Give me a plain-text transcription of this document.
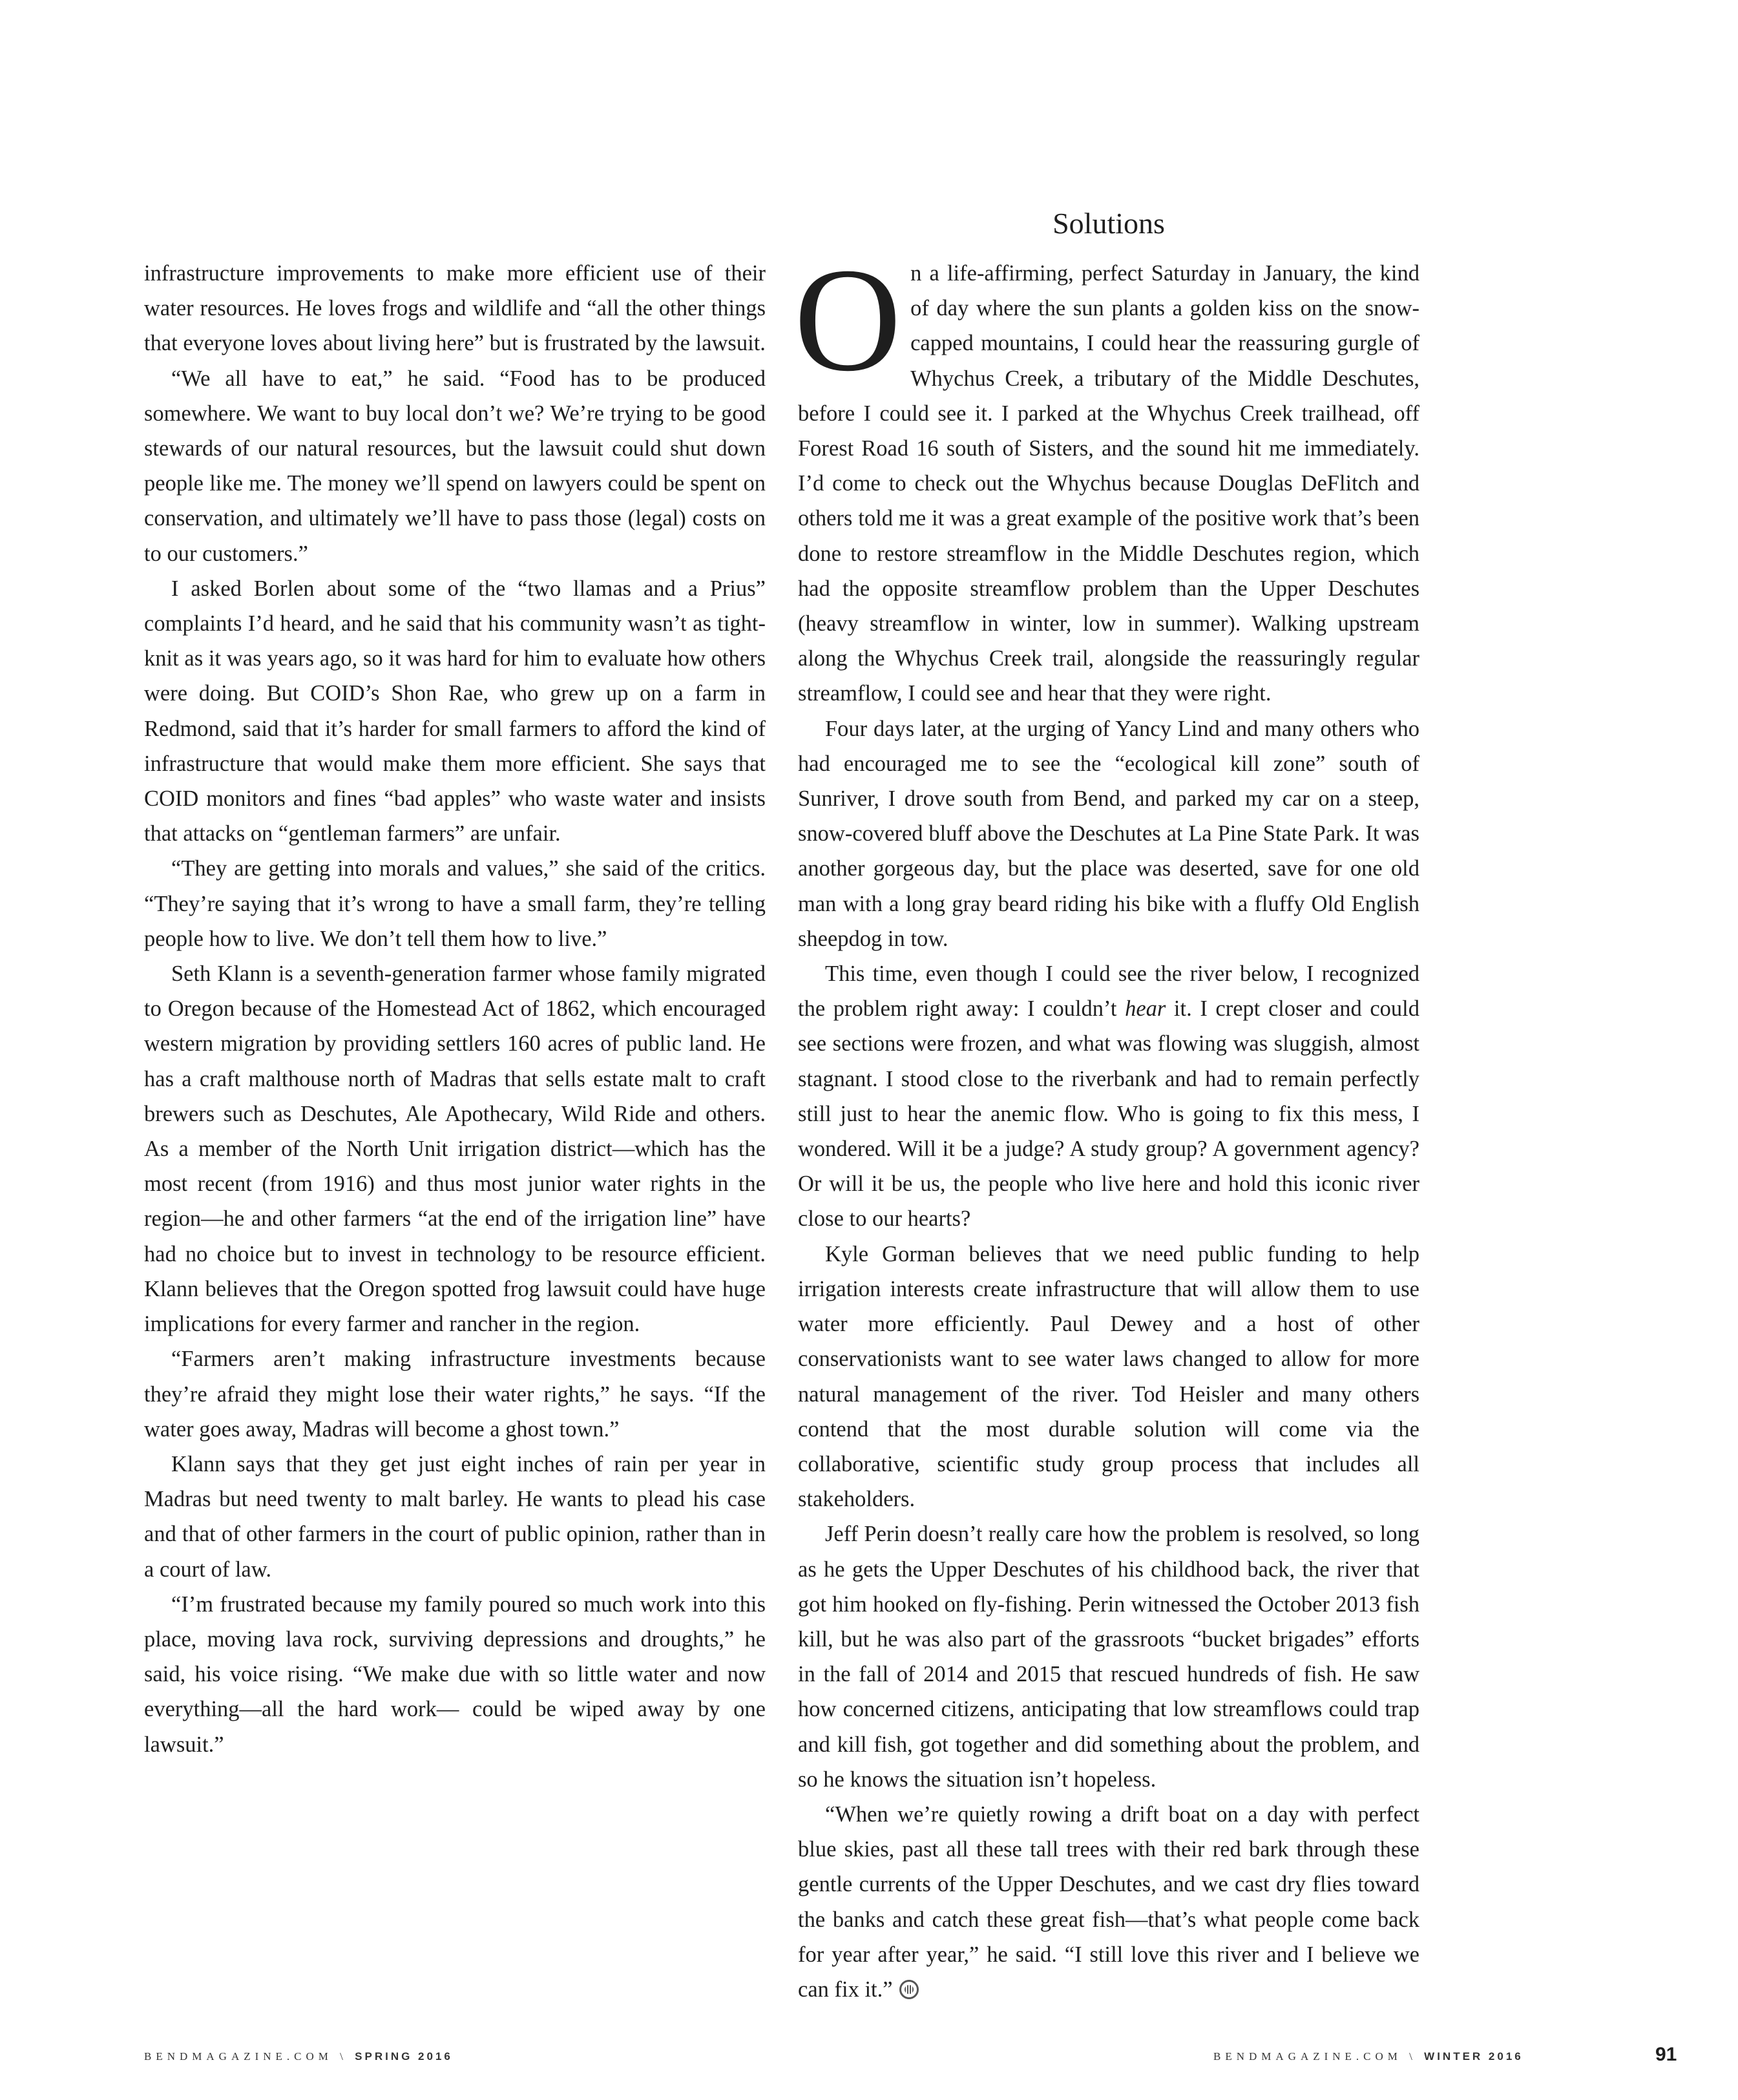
infrastructure improvements to make more efficient use of their water resources. He loves frogs and wildlife and “all the other things that everyone loves about living here” but is frustrated by the lawsuit.

“We all have to eat,” he said. “Food has to be produced somewhere. We want to buy local don’t we? We’re trying to be good stewards of our natural resources, but the lawsuit could shut down people like me. The money we’ll spend on lawyers could be spent on conservation, and ultimately we’ll have to pass those (legal) costs on to our customers.”

I asked Borlen about some of the “two llamas and a Prius” complaints I’d heard, and he said that his community wasn’t as tight-knit as it was years ago, so it was hard for him to evaluate how others were doing. But COID’s Shon Rae, who grew up on a farm in Redmond, said that it’s harder for small farmers to afford the kind of infrastructure that would make them more efficient. She says that COID monitors and fines “bad apples” who waste water and insists that attacks on “gentleman farmers” are unfair.

“They are getting into morals and values,” she said of the critics. “They’re saying that it’s wrong to have a small farm, they’re telling people how to live. We don’t tell them how to live.”

Seth Klann is a seventh-generation farmer whose family migrated to Oregon because of the Homestead Act of 1862, which encouraged western migration by providing settlers 160 acres of public land. He has a craft malthouse north of Madras that sells estate malt to craft brewers such as Deschutes, Ale Apothecary, Wild Ride and others. As a member of the North Unit irrigation district—which has the most recent (from 1916) and thus most junior water rights in the region—he and other farmers “at the end of the irrigation line” have had no choice but to invest in technology to be resource efficient. Klann believes that the Oregon spotted frog lawsuit could have huge implications for every farmer and rancher in the region.

“Farmers aren’t making infrastructure investments because they’re afraid they might lose their water rights,” he says. “If the water goes away, Madras will become a ghost town.”

Klann says that they get just eight inches of rain per year in Madras but need twenty to malt barley. He wants to plead his case and that of other farmers in the court of public opinion, rather than in a court of law.

“I’m frustrated because my family poured so much work into this place, moving lava rock, surviving depressions and droughts,” he said, his voice rising. “We make due with so little water and now everything—all the hard work— could be wiped away by one lawsuit.”

Solutions

On a life-affirming, perfect Saturday in January, the kind of day where the sun plants a golden kiss on the snow-capped mountains, I could hear the reassuring gurgle of Whychus Creek, a tributary of the Middle Deschutes, before I could see it. I parked at the Whychus Creek trailhead, off Forest Road 16 south of Sisters, and the sound hit me immediately. I’d come to check out the Whychus because Douglas DeFlitch and others told me it was a great example of the positive work that’s been done to restore streamflow in the Middle Deschutes region, which had the opposite streamflow problem than the Upper Deschutes (heavy streamflow in winter, low in summer). Walking upstream along the Whychus Creek trail, alongside the reassuringly regular streamflow, I could see and hear that they were right.

Four days later, at the urging of Yancy Lind and many others who had encouraged me to see the “ecological kill zone” south of Sunriver, I drove south from Bend, and parked my car on a steep, snow-covered bluff above the Deschutes at La Pine State Park. It was another gorgeous day, but the place was deserted, save for one old man with a long gray beard riding his bike with a fluffy Old English sheepdog in tow.

This time, even though I could see the river below, I recognized the problem right away: I couldn’t hear it. I crept closer and could see sections were frozen, and what was flowing was sluggish, almost stagnant. I stood close to the riverbank and had to remain perfectly still just to hear the anemic flow. Who is going to fix this mess, I wondered. Will it be a judge? A study group? A government agency? Or will it be us, the people who live here and hold this iconic river close to our hearts?

Kyle Gorman believes that we need public funding to help irrigation interests create infrastructure that will allow them to use water more efficiently. Paul Dewey and a host of other conservationists want to see water laws changed to allow for more natural management of the river. Tod Heisler and many others contend that the most durable solution will come via the collaborative, scientific study group process that includes all stakeholders.

Jeff Perin doesn’t really care how the problem is resolved, so long as he gets the Upper Deschutes of his childhood back, the river that got him hooked on fly-fishing. Perin witnessed the October 2013 fish kill, but he was also part of the grassroots “bucket brigades” efforts in the fall of 2014 and 2015 that rescued hundreds of fish. He saw how concerned citizens, anticipating that low streamflows could trap and kill fish, got together and did something about the problem, and so he knows the situation isn’t hopeless.

“When we’re quietly rowing a drift boat on a day with perfect blue skies, past all these tall trees with their red bark through these gentle currents of the Upper Deschutes, and we cast dry flies toward the banks and catch these great fish—that’s what people come back for year after year,” he said. “I still love this river and I believe we can fix it.”

BENDMAGAZINE.COM \ SPRING 2016	BENDMAGAZINE.COM \ WINTER 2016	91
